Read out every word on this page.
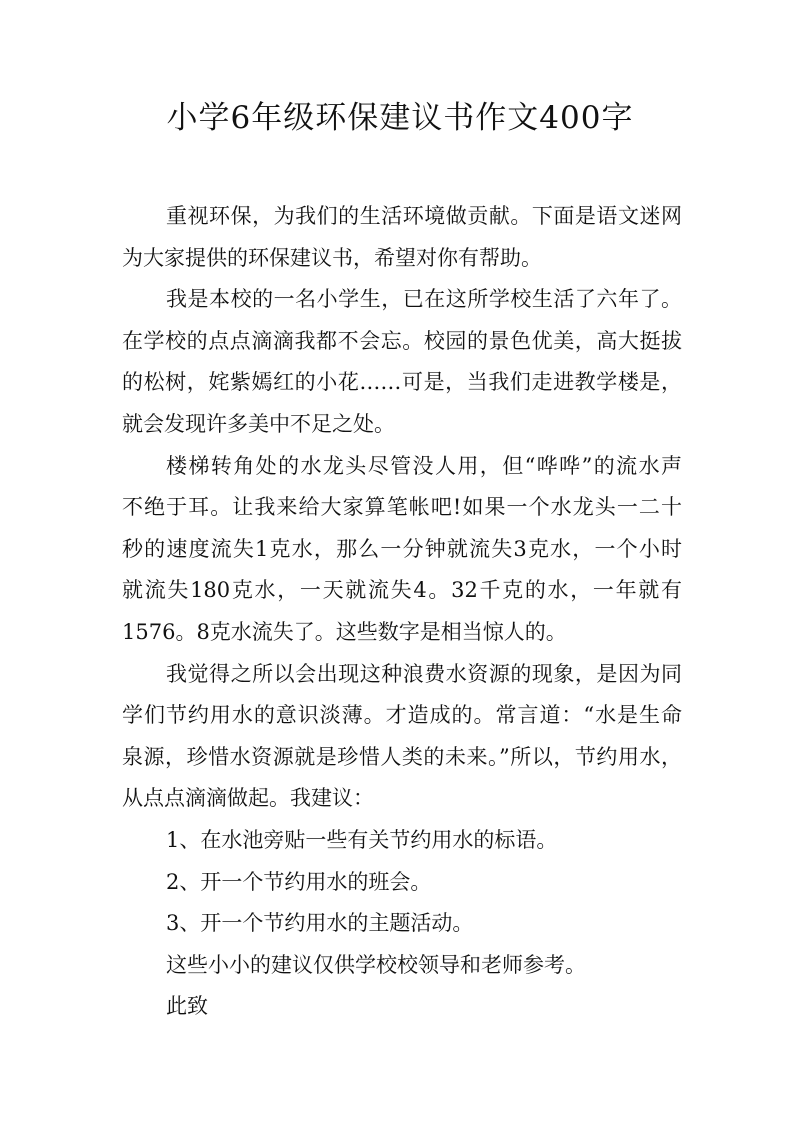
小学6年级环保建议书作文400字
重视环保，为我们的生活环境做贡献。下面是语文迷网
为大家提供的环保建议书，希望对你有帮助。
我是本校的一名小学生，已在这所学校生活了六年了。
在学校的点点滴滴我都不会忘。校园的景色优美，高大挺拔
的松树，姹紫嫣红的小花……可是，当我们走进教学楼是，
就会发现许多美中不足之处。
楼梯转角处的水龙头尽管没人用，但“哗哗”的流水声
不绝于耳。让我来给大家算笔帐吧!如果一个水龙头一二十
秒的速度流失1克水，那么一分钟就流失3克水，一个小时
就流失180克水，一天就流失4。32千克的水，一年就有
1576。8克水流失了。这些数字是相当惊人的。
我觉得之所以会出现这种浪费水资源的现象，是因为同
学们节约用水的意识淡薄。才造成的。常言道：“水是生命
泉源，珍惜水资源就是珍惜人类的未来。”所以，节约用水，
从点点滴滴做起。我建议：
1、在水池旁贴一些有关节约用水的标语。
2、开一个节约用水的班会。
3、开一个节约用水的主题活动。
这些小小的建议仅供学校校领导和老师参考。
此致
